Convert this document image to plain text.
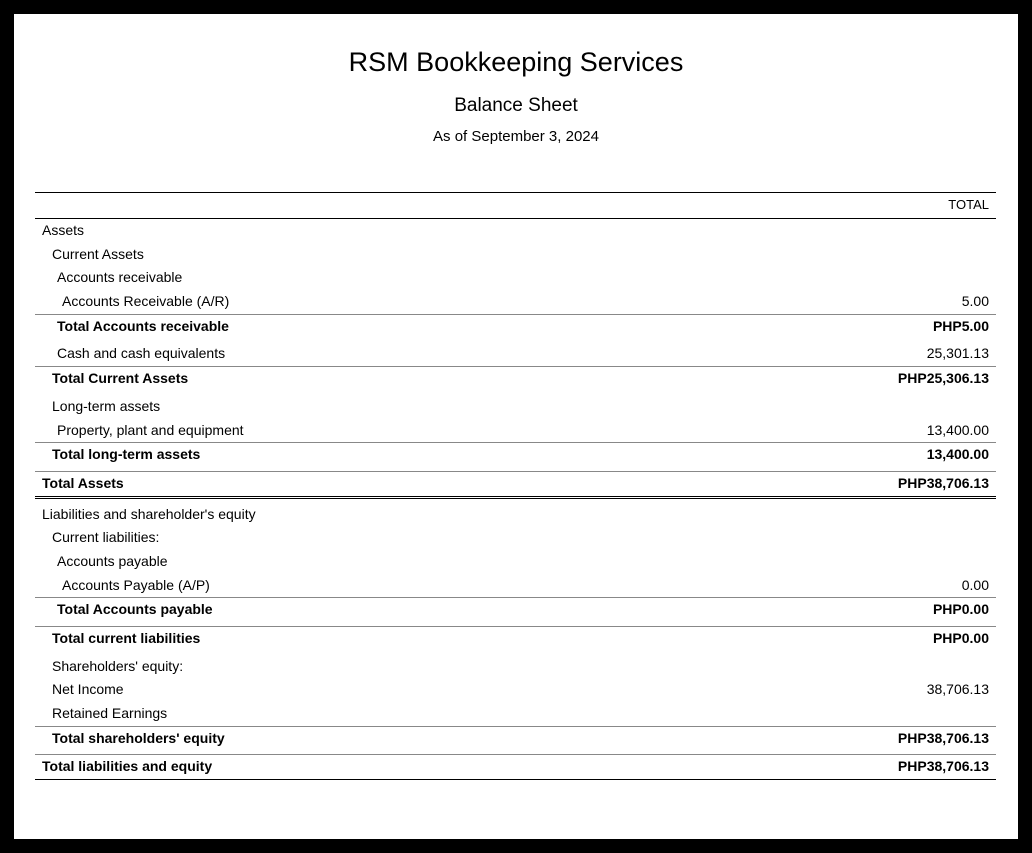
RSM Bookkeeping Services
Balance Sheet
As of September 3, 2024
TOTAL
Assets
Current Assets
Accounts receivable
Accounts Receivable (A/R)	5.00
Total Accounts receivable	PHP5.00
Cash and cash equivalents	25,301.13
Total Current Assets	PHP25,306.13
Long-term assets
Property, plant and equipment	13,400.00
Total long-term assets	13,400.00
Total Assets	PHP38,706.13
Liabilities and shareholder's equity
Current liabilities:
Accounts payable
Accounts Payable (A/P)	0.00
Total Accounts payable	PHP0.00
Total current liabilities	PHP0.00
Shareholders' equity:
Net Income	38,706.13
Retained Earnings
Total shareholders' equity	PHP38,706.13
Total liabilities and equity	PHP38,706.13
